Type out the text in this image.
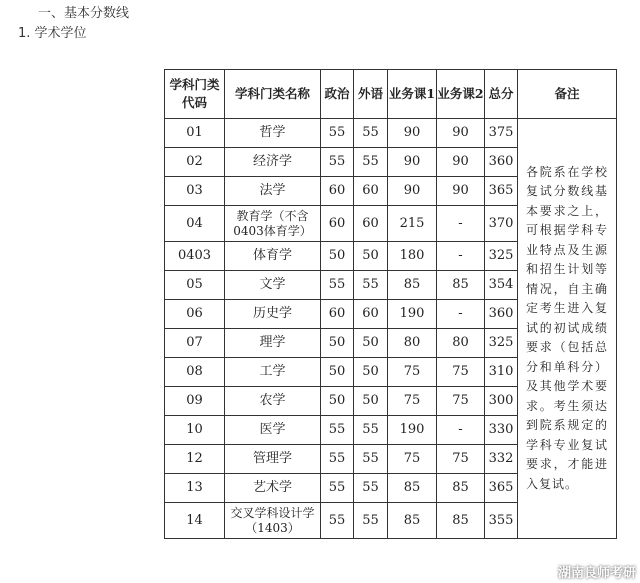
一、基本分数线
1. 学术学位
学科门类代码	学科门类名称	政治	外语	业务课1	业务课2	总分	备注
01	哲学	55	55	90	90	375	各院系在学校复试分数线基本要求之上，可根据学科专业特点及生源和招生计划等情况，自主确定考生进入复试的初试成绩要求（包括总分和单科分）及其他学术要求。考生须达到院系规定的学科专业复试要求，才能进入复试。
02	经济学	55	55	90	90	360	
03	法学	60	60	90	90	365	
04	教育学（不含0403体育学）	60	60	215	-	370	
0403	体育学	50	50	180	-	325	
05	文学	55	55	85	85	354	
06	历史学	60	60	190	-	360	
07	理学	50	50	80	80	325	
08	工学	50	50	75	75	310	
09	农学	50	50	75	75	300	
10	医学	55	55	190	-	330	
12	管理学	55	55	75	75	332	
13	艺术学	55	55	85	85	365	
14	交叉学科设计学（1403）	55	55	85	85	355	
湖南良师考研
